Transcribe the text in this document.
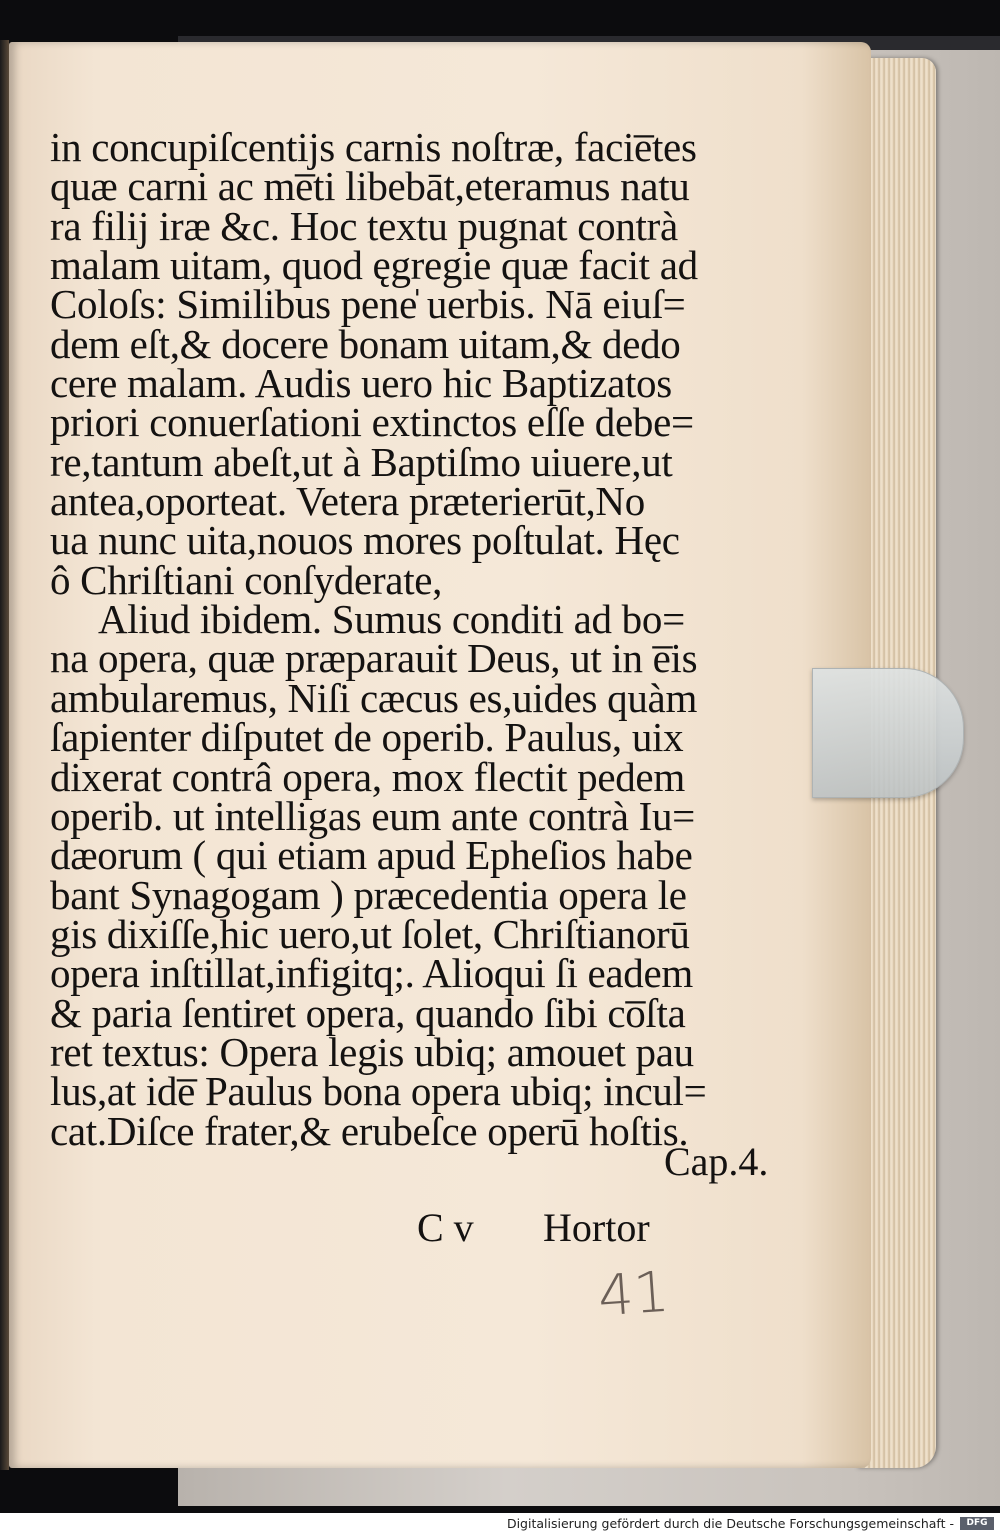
in concupiſcentijs carnis noſtræ, facie̅tes
quæ carni ac me̅ti libebāt,eteramus natu
ra filij iræ &c. Hoc textu pugnat contrà
malam uitam, quod ęgregie quæ facit ad
Coloſs: Similibus pene̍ uerbis. Nā eiuſ=
dem eſt,& docere bonam uitam,& dedo
cere malam. Audis uero hic Baptizatos
priori conuerſationi extinctos eſſe debe=
re,tantum abeſt,ut à Baptiſmo uiuere,ut
antea,oporteat. Vetera præterierūt,No
ua nunc uita,nouos mores poſtulat. Hęc
ô Chriſtiani conſyderate,
Aliud ibidem. Sumus conditi ad bo=
na opera, quæ præparauit Deus, ut in e̅is
ambularemus, Niſi cæcus es,uides quàm
ſapienter diſputet de operib. Paulus, uix
dixerat contrâ opera, mox flectit pedem
operib. ut intelligas eum ante contrà Iu=
dæorum ( qui etiam apud Epheſios habe
bant Synagogam ) præcedentia opera le
gis dixiſſe,hic uero,ut ſolet, Chriſtianorū
opera inſtillat,infigitq;. Alioqui ſi eadem
& paria ſentiret opera, quando ſibi co̅ſta
ret textus: Opera legis ubiq; amouet pau
lus,at ide̅ Paulus bona opera ubiq; incul=
cat.Diſce frater,& erubeſce operū hoſtis.
Cap.4.
C v Hortor
41
Digitalisierung gefördert durch die Deutsche Forschungsgemeinschaft -	DFG
